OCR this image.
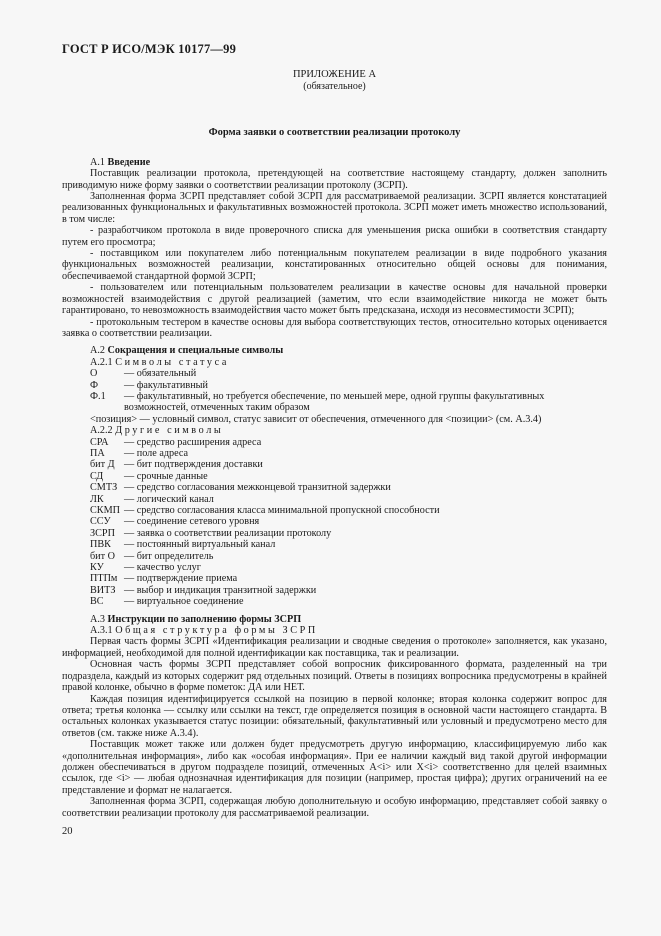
ГОСТ Р ИСО/МЭК 10177—99
ПРИЛОЖЕНИЕ А
(обязательное)
Форма заявки о соответствии реализации протоколу
А.1 Введение

Поставщик реализации протокола, претендующей на соответствие настоящему стандарту, должен заполнить приводимую ниже форму заявки о соответствии реализации протоколу (ЗСРП).

Заполненная форма ЗСРП представляет собой ЗСРП для рассматриваемой реализации. ЗСРП является констатацией реализованных функциональных и факультативных возможностей протокола. ЗСРП может иметь множество использований, в том числе:

- разработчиком протокола в виде проверочного списка для уменьшения риска ошибки в соответствия стандарту путем его просмотра;

- поставщиком или покупателем либо потенциальным покупателем реализации в виде подробного указания функциональных возможностей реализации, констатированных относительно общей основы для понимания, обеспечиваемой стандартной формой ЗСРП;

- пользователем или потенциальным пользователем реализации в качестве основы для начальной проверки возможностей взаимодействия с другой реализацией (заметим, что если взаимодействие никогда не может быть гарантировано, то невозможность взаимодействия часто может быть предсказана, исходя из несовместимости ЗСРП);

- протокольным тестером в качестве основы для выбора соответствующих тестов, относительно которых оценивается заявка о соответствии реализации.

А.2 Сокращения и специальные символы
А.2.1 Символы статуса
О	— обязательный
Ф	— факультативный
Ф.1	— факультативный, но требуется обеспечение, по меньшей мере, одной группы факультативных возможностей, отмеченных таким образом
<позиция> — условный символ, статус зависит от обеспечения, отмеченного для <позиции> (см. А.3.4)
А.2.2 Другие символы
СРА	— средство расширения адреса
ПА	— поле адреса
бит Д	— бит подтверждения доставки
СД	— срочные данные
СМТЗ	— средство согласования межконцевой транзитной задержки
ЛК	— логический канал
СКМП	— средство согласования класса минимальной пропускной способности
ССУ	— соединение сетевого уровня
ЗСРП	— заявка о соответствии реализации протоколу
ПВК	— постоянный виртуальный канал
бит О	— бит определитель
КУ	— качество услуг
ПТПм	— подтверждение приема
ВИТЗ	— выбор и индикация транзитной задержки
ВС	— виртуальное соединение
А.3 Инструкции по заполнению формы ЗСРП
А.3.1 Общая структура формы ЗСРП

Первая часть формы ЗСРП «Идентификация реализации и сводные сведения о протоколе» заполняется, как указано, информацией, необходимой для полной идентификации как поставщика, так и реализации.

Основная часть формы ЗСРП представляет собой вопросник фиксированного формата, разделенный на три подраздела, каждый из которых содержит ряд отдельных позиций. Ответы в позициях вопросника предусмотрены в крайней правой колонке, обычно в форме пометок: ДА или НЕТ.

Каждая позиция идентифицируется ссылкой на позицию в первой колонке; вторая колонка содержит вопрос для ответа; третья колонка — ссылку или ссылки на текст, где определяется позиция в основной части настоящего стандарта. В остальных колонках указывается статус позиции: обязательный, факультативный или условный и предусмотрено место для ответов (см. также ниже А.3.4).

Поставщик может также или должен будет предусмотреть другую информацию, классифицируемую либо как «дополнительная информация», либо как «особая информация». При ее наличии каждый вид такой другой информации должен обеспечиваться в другом подразделе позиций, отмеченных А<i> или Х<i> соответственно для целей взаимных ссылок, где <i> — любая однозначная идентификация для позиции (например, простая цифра); других ограничений на ее представление и формат не налагается.

Заполненная форма ЗСРП, содержащая любую дополнительную и особую информацию, представляет собой заявку о соответствии реализации протоколу для рассматриваемой реализации.

20
